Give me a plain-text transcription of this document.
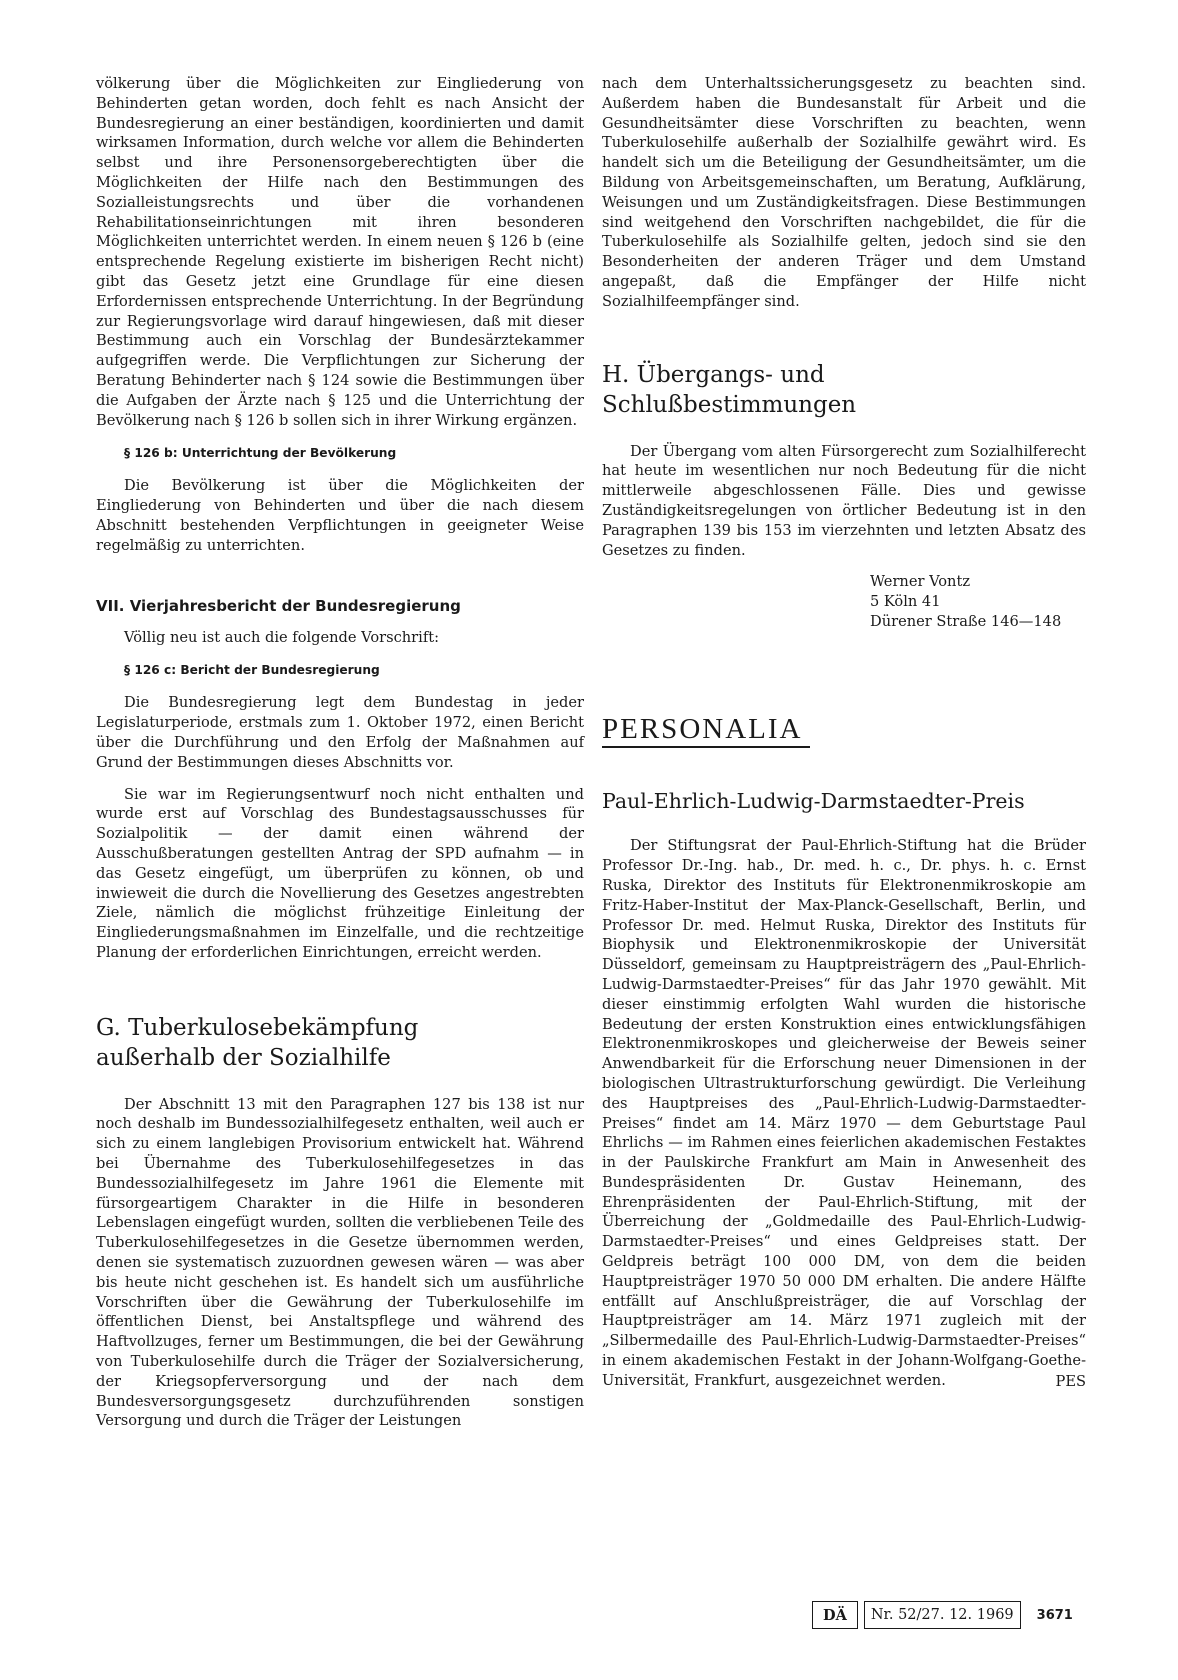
völkerung über die Möglichkeiten zur Eingliederung von Behinderten getan worden, doch fehlt es nach Ansicht der Bundesregierung an einer beständigen, koordinierten und damit wirksamen Information, durch welche vor allem die Behinderten selbst und ihre Personensorgeberechtigten über die Möglichkeiten der Hilfe nach den Bestimmungen des Sozialleistungsrechts und über die vorhandenen Rehabilitationseinrichtungen mit ihren besonderen Möglichkeiten unterrichtet werden. In einem neuen § 126 b (eine entsprechende Regelung existierte im bisherigen Recht nicht) gibt das Gesetz jetzt eine Grundlage für eine diesen Erfordernissen entsprechende Unterrichtung. In der Begründung zur Regierungsvorlage wird darauf hingewiesen, daß mit dieser Bestimmung auch ein Vorschlag der Bundesärztekammer aufgegriffen werde. Die Verpflichtungen zur Sicherung der Beratung Behinderter nach § 124 sowie die Bestimmungen über die Aufgaben der Ärzte nach § 125 und die Unterrichtung der Bevölkerung nach § 126 b sollen sich in ihrer Wirkung ergänzen.

§ 126 b: Unterrichtung der Bevölkerung

Die Bevölkerung ist über die Möglichkeiten der Eingliederung von Behinderten und über die nach diesem Abschnitt bestehenden Verpflichtungen in geeigneter Weise regelmäßig zu unterrichten.

VII. Vierjahresbericht der Bundesregierung

Völlig neu ist auch die folgende Vorschrift:

§ 126 c: Bericht der Bundesregierung

Die Bundesregierung legt dem Bundestag in jeder Legislaturperiode, erstmals zum 1. Oktober 1972, einen Bericht über die Durchführung und den Erfolg der Maßnahmen auf Grund der Bestimmungen dieses Abschnitts vor.

Sie war im Regierungsentwurf noch nicht enthalten und wurde erst auf Vorschlag des Bundestagsausschusses für Sozialpolitik — der damit einen während der Ausschußberatungen gestellten Antrag der SPD aufnahm — in das Gesetz eingefügt, um überprüfen zu können, ob und inwieweit die durch die Novellierung des Gesetzes angestrebten Ziele, nämlich die möglichst frühzeitige Einleitung der Eingliederungsmaßnahmen im Einzelfalle, und die rechtzeitige Planung der erforderlichen Einrichtungen, erreicht werden.

G. Tuberkulosebekämpfung
außerhalb der Sozialhilfe

Der Abschnitt 13 mit den Paragraphen 127 bis 138 ist nur noch deshalb im Bundessozialhilfegesetz enthalten, weil auch er sich zu einem langlebigen Provisorium entwickelt hat. Während bei Übernahme des Tuberkulosehilfegesetzes in das Bundessozialhilfegesetz im Jahre 1961 die Elemente mit fürsorgeartigem Charakter in die Hilfe in besonderen Lebenslagen eingefügt wurden, sollten die verbliebenen Teile des Tuberkulosehilfegesetzes in die Gesetze übernommen werden, denen sie systematisch zuzuordnen gewesen wären — was aber bis heute nicht geschehen ist. Es handelt sich um ausführliche Vorschriften über die Gewährung der Tuberkulosehilfe im öffentlichen Dienst, bei Anstaltspflege und während des Haftvollzuges, ferner um Bestimmungen, die bei der Gewährung von Tuberkulosehilfe durch die Träger der Sozialversicherung, der Kriegsopferversorgung und der nach dem Bundesversorgungsgesetz durchzuführenden sonstigen Versorgung und durch die Träger der Leistungen

nach dem Unterhaltssicherungsgesetz zu beachten sind. Außerdem haben die Bundesanstalt für Arbeit und die Gesundheitsämter diese Vorschriften zu beachten, wenn Tuberkulosehilfe außerhalb der Sozialhilfe gewährt wird. Es handelt sich um die Beteiligung der Gesundheitsämter, um die Bildung von Arbeitsgemeinschaften, um Beratung, Aufklärung, Weisungen und um Zuständigkeitsfragen. Diese Bestimmungen sind weitgehend den Vorschriften nachgebildet, die für die Tuberkulosehilfe als Sozialhilfe gelten, jedoch sind sie den Besonderheiten der anderen Träger und dem Umstand angepaßt, daß die Empfänger der Hilfe nicht Sozialhilfeempfänger sind.

H. Übergangs- und
Schlußbestimmungen

Der Übergang vom alten Fürsorgerecht zum Sozialhilferecht hat heute im wesentlichen nur noch Bedeutung für die nicht mittlerweile abgeschlossenen Fälle. Dies und gewisse Zuständigkeitsregelungen von örtlicher Bedeutung ist in den Paragraphen 139 bis 153 im vierzehnten und letzten Absatz des Gesetzes zu finden.

Werner Vontz
5 Köln 41
Dürener Straße 146—148
PERSONALIA
Paul-Ehrlich-Ludwig-Darmstaedter-Preis

Der Stiftungsrat der Paul-Ehrlich-Stiftung hat die Brüder Professor Dr.-Ing. hab., Dr. med. h. c., Dr. phys. h. c. Ernst Ruska, Direktor des Instituts für Elektronenmikroskopie am Fritz-Haber-Institut der Max-Planck-Gesellschaft, Berlin, und Professor Dr. med. Helmut Ruska, Direktor des Instituts für Biophysik und Elektronenmikroskopie der Universität Düsseldorf, gemeinsam zu Hauptpreisträgern des „Paul-Ehrlich-Ludwig-Darmstaedter-Preises“ für das Jahr 1970 gewählt. Mit dieser einstimmig erfolgten Wahl wurden die historische Bedeutung der ersten Konstruktion eines entwicklungsfähigen Elektronenmikroskopes und gleicherweise der Beweis seiner Anwendbarkeit für die Erforschung neuer Dimensionen in der biologischen Ultrastrukturforschung gewürdigt. Die Verleihung des Hauptpreises des „Paul-Ehrlich-Ludwig-Darmstaedter-Preises“ findet am 14. März 1970 — dem Geburtstage Paul Ehrlichs — im Rahmen eines feierlichen akademischen Festaktes in der Paulskirche Frankfurt am Main in Anwesenheit des Bundespräsidenten Dr. Gustav Heinemann, des Ehrenpräsidenten der Paul-Ehrlich-Stiftung, mit der Überreichung der „Goldmedaille des Paul-Ehrlich-Ludwig-Darmstaedter-Preises“ und eines Geldpreises statt. Der Geldpreis beträgt 100 000 DM, von dem die beiden Hauptpreisträger 1970 50 000 DM erhalten. Die andere Hälfte entfällt auf Anschlußpreisträger, die auf Vorschlag der Hauptpreisträger am 14. März 1971 zugleich mit der „Silbermedaille des Paul-Ehrlich-Ludwig-Darmstaedter-Preises“ in einem akademischen Festakt in der Johann-Wolfgang-Goethe-Universität, Frankfurt, ausgezeichnet werden.	PES
DÄ	Nr. 52/27. 12. 1969	3671
